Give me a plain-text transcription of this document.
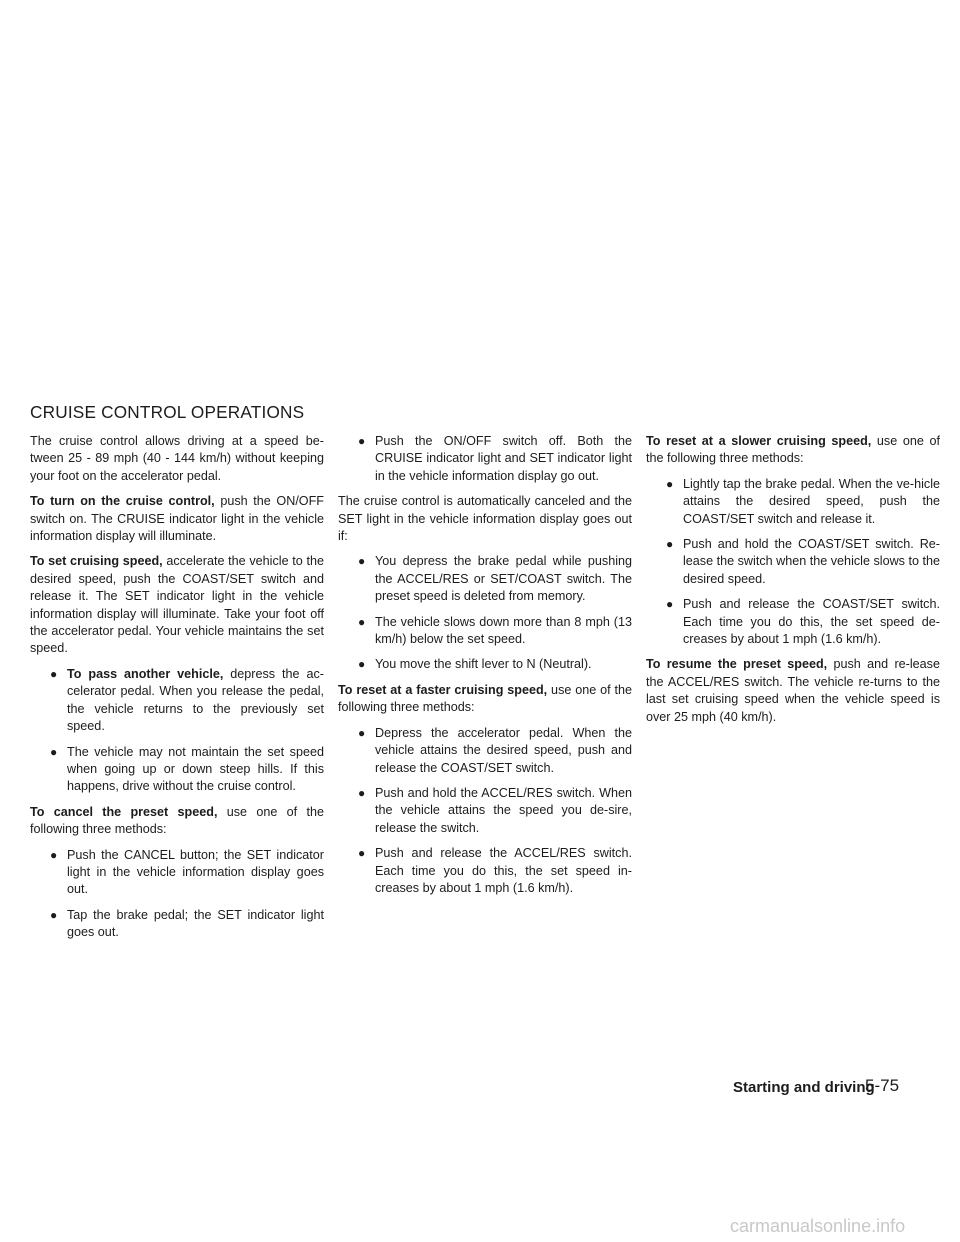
CRUISE CONTROL OPERATIONS

The cruise control allows driving at a speed be-tween 25 - 89 mph (40 - 144 km/h) without keeping your foot on the accelerator pedal.

To turn on the cruise control, push the ON/OFF switch on. The CRUISE indicator light in the vehicle information display will illuminate.

To set cruising speed, accelerate the vehicle to the desired speed, push the COAST/SET switch and release it. The SET indicator light in the vehicle information display will illuminate. Take your foot off the accelerator pedal. Your vehicle maintains the set speed.

● To pass another vehicle, depress the ac-celerator pedal. When you release the pedal, the vehicle returns to the previously set speed.
● The vehicle may not maintain the set speed when going up or down steep hills. If this happens, drive without the cruise control.

To cancel the preset speed, use one of the following three methods:

● Push the CANCEL button; the SET indicator light in the vehicle information display goes out.
● Tap the brake pedal; the SET indicator light goes out.
● Push the ON/OFF switch off. Both the CRUISE indicator light and SET indicator light in the vehicle information display go out.

The cruise control is automatically canceled and the SET light in the vehicle information display goes out if:

● You depress the brake pedal while pushing the ACCEL/RES or SET/COAST switch. The preset speed is deleted from memory.
● The vehicle slows down more than 8 mph (13 km/h) below the set speed.
● You move the shift lever to N (Neutral).

To reset at a faster cruising speed, use one of the following three methods:

● Depress the accelerator pedal. When the vehicle attains the desired speed, push and release the COAST/SET switch.
● Push and hold the ACCEL/RES switch. When the vehicle attains the speed you de-sire, release the switch.
● Push and release the ACCEL/RES switch. Each time you do this, the set speed in-creases by about 1 mph (1.6 km/h).

To reset at a slower cruising speed, use one of the following three methods:

● Lightly tap the brake pedal. When the ve-hicle attains the desired speed, push the COAST/SET switch and release it.
● Push and hold the COAST/SET switch. Re-lease the switch when the vehicle slows to the desired speed.
● Push and release the COAST/SET switch. Each time you do this, the set speed de-creases by about 1 mph (1.6 km/h).

To resume the preset speed, push and re-lease the ACCEL/RES switch. The vehicle re-turns to the last set cruising speed when the vehicle speed is over 25 mph (40 km/h).

Starting and driving
5-75
carmanualsonline.info
